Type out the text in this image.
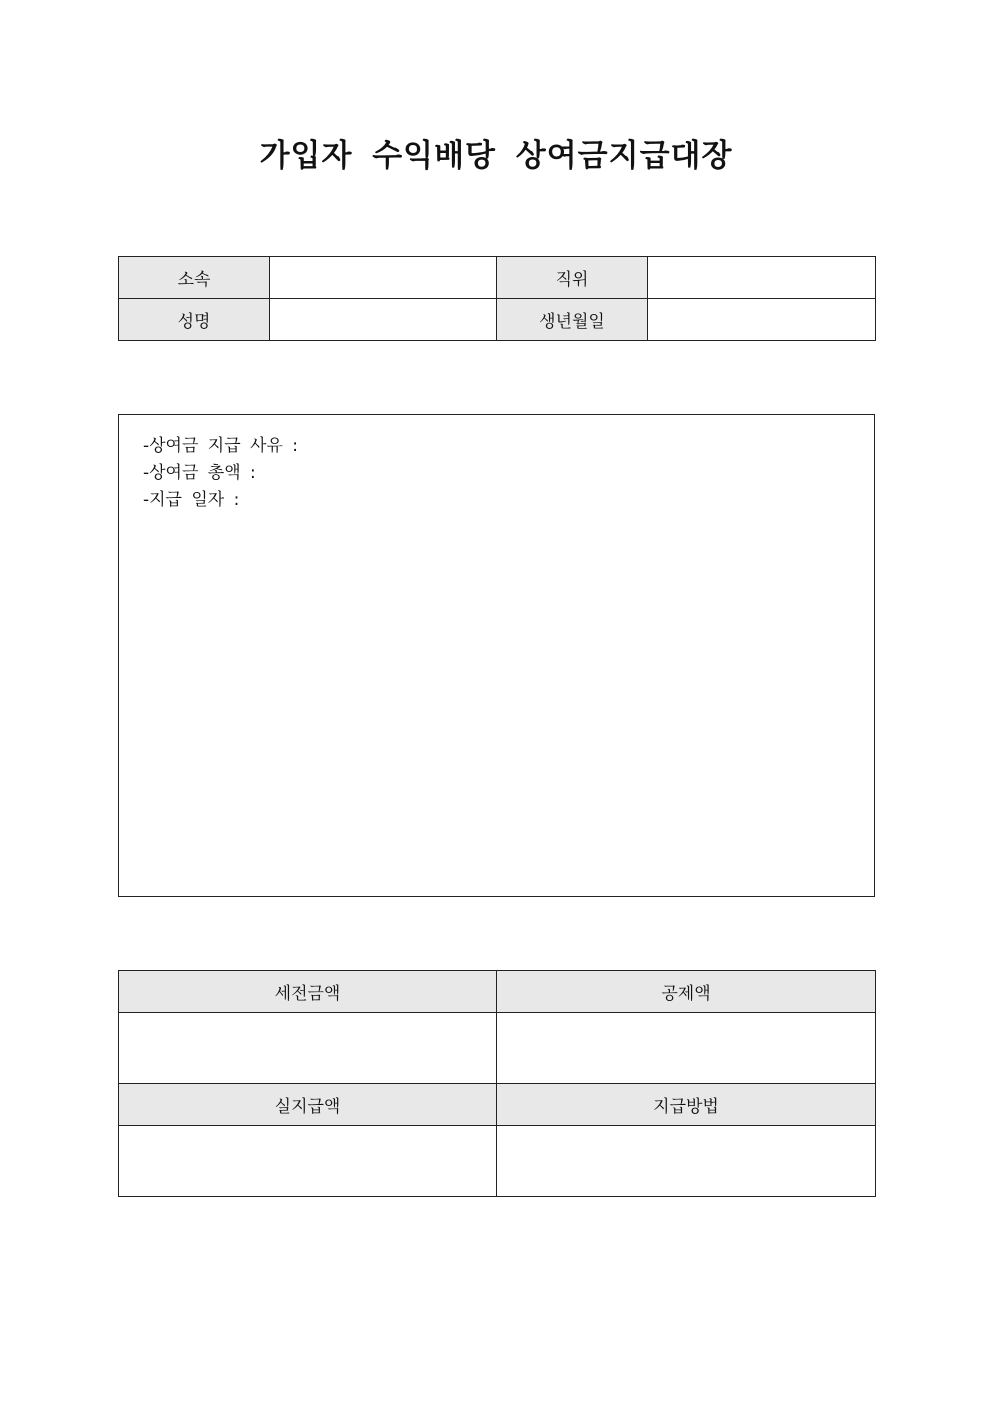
가입자 수익배당 상여금지급대장
소속		직위	
성명		생년월일	
-상여금 지급 사유 :
-상여금 총액 :
-지급 일자 :
세전금액	공제액

실지급액	지급방법
